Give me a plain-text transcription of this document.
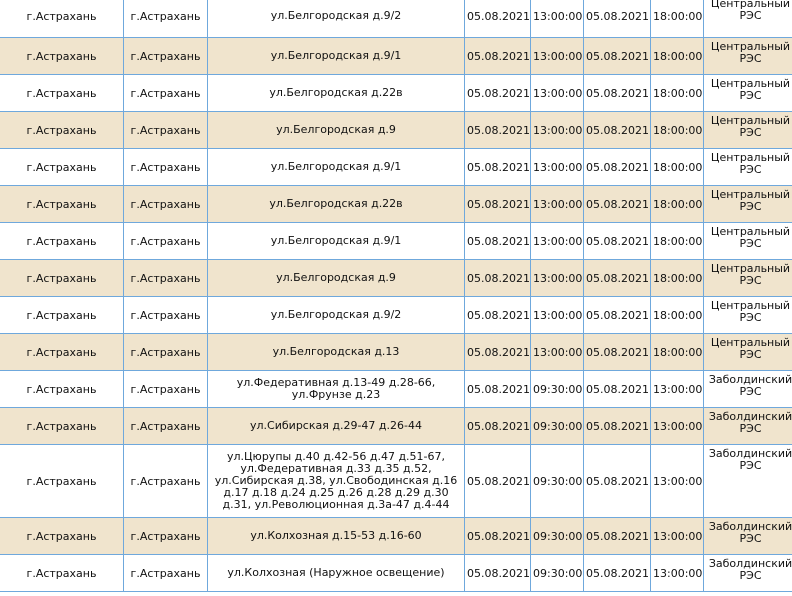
г.Астрахань	г.Астрахань	ул.Белгородская д.9/2	05.08.2021	13:00:00	05.08.2021	18:00:00	Центральный РЭС
г.Астрахань	г.Астрахань	ул.Белгородская д.9/1	05.08.2021	13:00:00	05.08.2021	18:00:00	Центральный РЭС
г.Астрахань	г.Астрахань	ул.Белгородская д.22в	05.08.2021	13:00:00	05.08.2021	18:00:00	Центральный РЭС
г.Астрахань	г.Астрахань	ул.Белгородская д.9	05.08.2021	13:00:00	05.08.2021	18:00:00	Центральный РЭС
г.Астрахань	г.Астрахань	ул.Белгородская д.9/1	05.08.2021	13:00:00	05.08.2021	18:00:00	Центральный РЭС
г.Астрахань	г.Астрахань	ул.Белгородская д.22в	05.08.2021	13:00:00	05.08.2021	18:00:00	Центральный РЭС
г.Астрахань	г.Астрахань	ул.Белгородская д.9/1	05.08.2021	13:00:00	05.08.2021	18:00:00	Центральный РЭС
г.Астрахань	г.Астрахань	ул.Белгородская д.9	05.08.2021	13:00:00	05.08.2021	18:00:00	Центральный РЭС
г.Астрахань	г.Астрахань	ул.Белгородская д.9/2	05.08.2021	13:00:00	05.08.2021	18:00:00	Центральный РЭС
г.Астрахань	г.Астрахань	ул.Белгородская д.13	05.08.2021	13:00:00	05.08.2021	18:00:00	Центральный РЭС
г.Астрахань	г.Астрахань	ул.Федеративная д.13-49 д.28-66, ул.Фрунзе д.23	05.08.2021	09:30:00	05.08.2021	13:00:00	Заболдинский РЭС
г.Астрахань	г.Астрахань	ул.Сибирская д.29-47 д.26-44	05.08.2021	09:30:00	05.08.2021	13:00:00	Заболдинский РЭС
г.Астрахань	г.Астрахань	ул.Цюрупы д.40 д.42-56 д.47 д.51-67, ул.Федеративная д.33 д.35 д.52, ул.Сибирская д.38, ул.Свободинская д.16 д.17 д.18 д.24 д.25 д.26 д.28 д.29 д.30 д.31, ул.Революционная д.3а-47 д.4-44	05.08.2021	09:30:00	05.08.2021	13:00:00	Заболдинский РЭС
г.Астрахань	г.Астрахань	ул.Колхозная д.15-53 д.16-60	05.08.2021	09:30:00	05.08.2021	13:00:00	Заболдинский РЭС
г.Астрахань	г.Астрахань	ул.Колхозная (Наружное освещение)	05.08.2021	09:30:00	05.08.2021	13:00:00	Заболдинский РЭС
